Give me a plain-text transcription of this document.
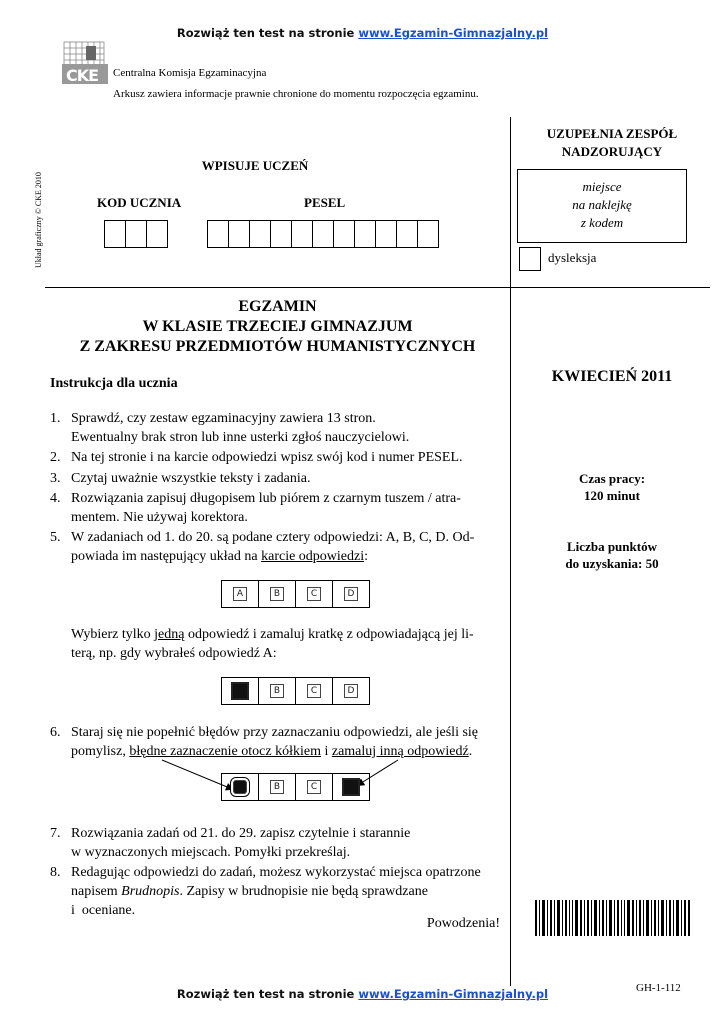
Rozwiąż ten test na stronie www.Egzamin-Gimnazjalny.pl
CKE Centralna Komisja Egzaminacyjna
Arkusz zawiera informacje prawnie chronione do momentu rozpoczęcia egzaminu.
Układ graficzny © CKE 2010
WPISUJE UCZEŃ
KOD UCZNIA	PESEL
UZUPEŁNIA ZESPÓŁ
NADZORUJĄCY
miejsce
na naklejkę
z kodem
dysleksja
EGZAMIN
W KLASIE TRZECIEJ GIMNAZJUM
Z ZAKRESU PRZEDMIOTÓW HUMANISTYCZNYCH
Instrukcja dla ucznia	KWIECIEŃ 2011
Czas pracy:
120 minut
Liczba punktów
do uzyskania: 50
1. Sprawdź, czy zestaw egzaminacyjny zawiera 13 stron.
Ewentualny brak stron lub inne usterki zgłoś nauczycielowi.
2. Na tej stronie i na karcie odpowiedzi wpisz swój kod i numer PESEL.
3. Czytaj uważnie wszystkie teksty i zadania.
4. Rozwiązania zapisuj długopisem lub piórem z czarnym tuszem / atra-
mentem. Nie używaj korektora.
5. W zadaniach od 1. do 20. są podane cztery odpowiedzi: A, B, C, D. Od-
powiada im następujący układ na karcie odpowiedzi:
A	B	C	D
Wybierz tylko jedną odpowiedź i zamaluj kratkę z odpowiadającą jej li-
terą, np. gdy wybrałeś odpowiedź A:
A	B	C	D
6. Staraj się nie popełnić błędów przy zaznaczaniu odpowiedzi, ale jeśli się
pomylisz, błędne zaznaczenie otocz kółkiem i zamaluj inną odpowiedź.
A	B	C	D
7. Rozwiązania zadań od 21. do 29. zapisz czytelnie i starannie
w wyznaczonych miejscach. Pomyłki przekreślaj.
8. Redagując odpowiedzi do zadań, możesz wykorzystać miejsca opatrzone
napisem Brudnopis. Zapisy w brudnopisie nie będą sprawdzane
i  oceniane.
Powodzenia!
GH-1-112
Rozwiąż ten test na stronie www.Egzamin-Gimnazjalny.pl
